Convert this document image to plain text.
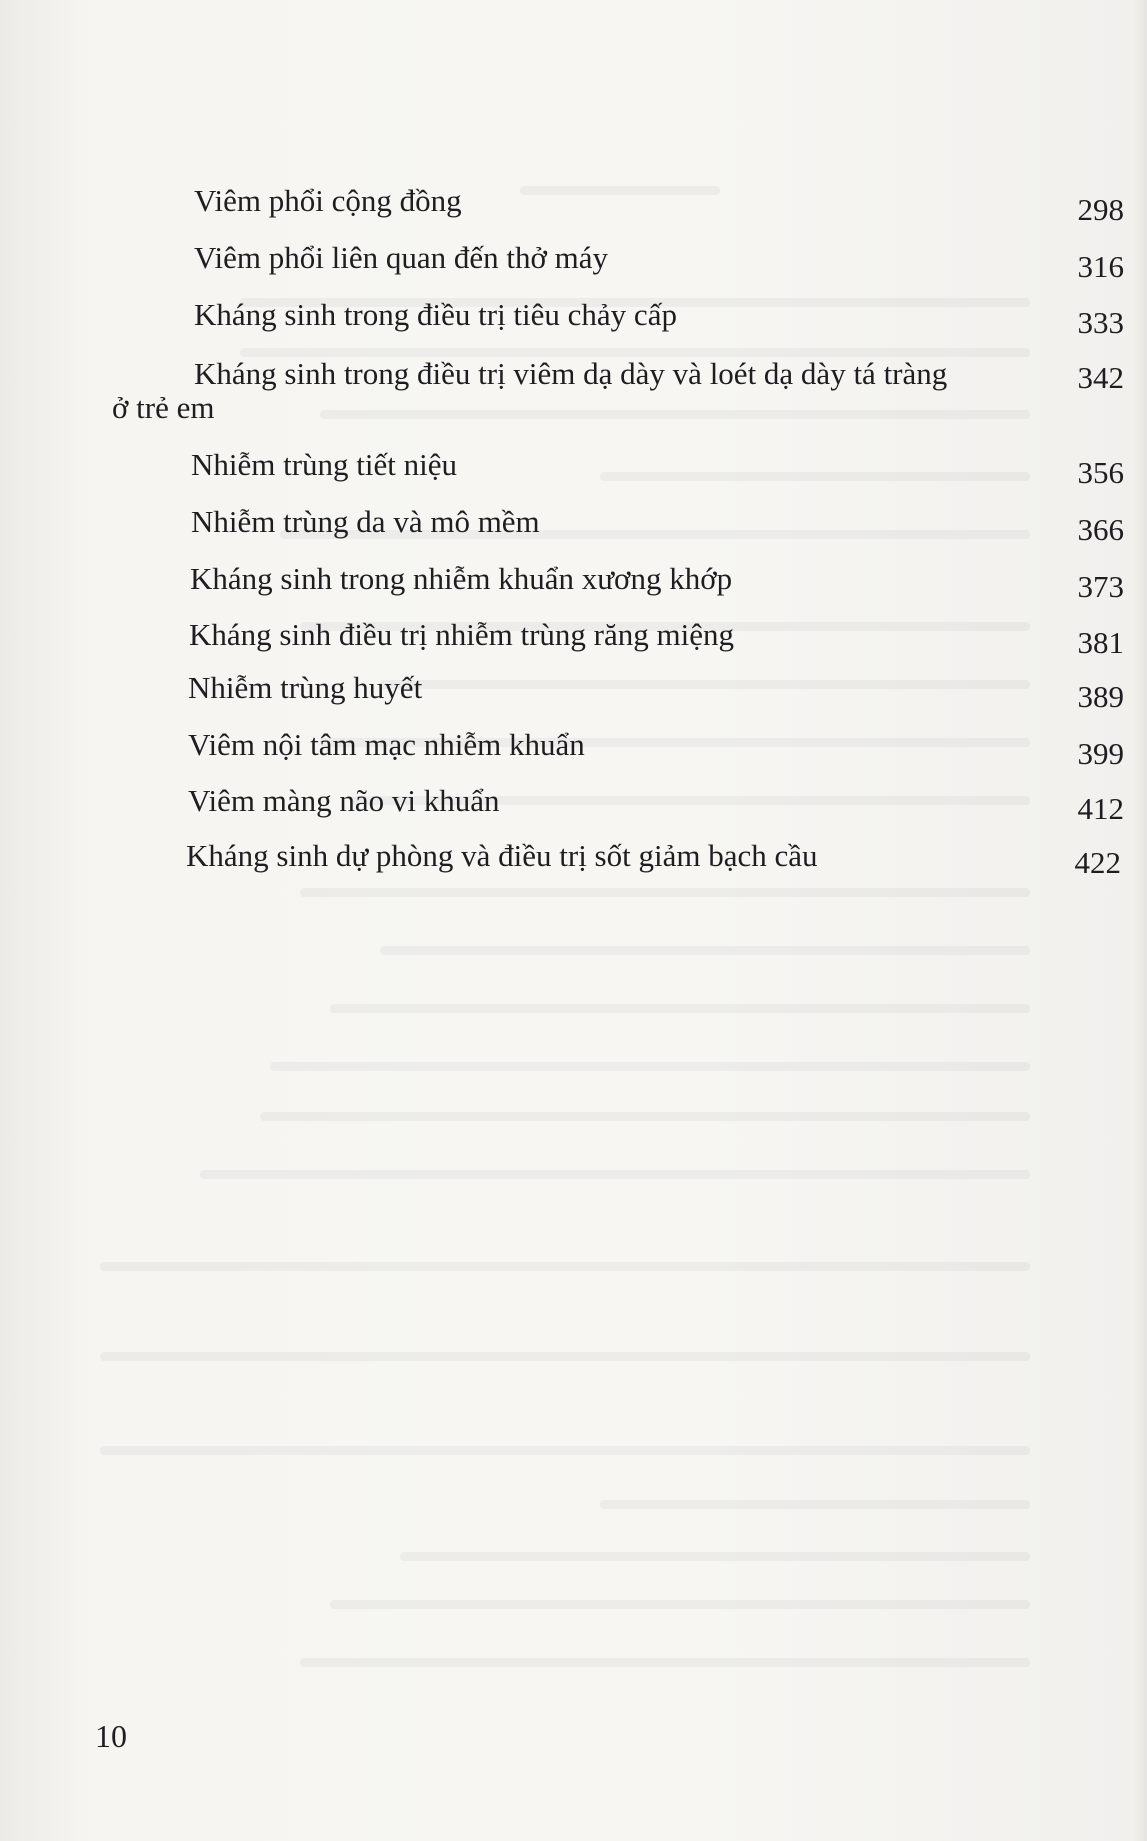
Viêm phổi cộng đồng	298
Viêm phổi liên quan đến thở máy	316
Kháng sinh trong điều trị tiêu chảy cấp	333
Kháng sinh trong điều trị viêm dạ dày và loét dạ dày tá tràng	342
ở trẻ em
Nhiễm trùng tiết niệu	356
Nhiễm trùng da và mô mềm	366
Kháng sinh trong nhiễm khuẩn xương khớp	373
Kháng sinh điều trị nhiễm trùng răng miệng	381
Nhiễm trùng huyết	389
Viêm nội tâm mạc nhiễm khuẩn	399
Viêm màng não vi khuẩn	412
Kháng sinh dự phòng và điều trị sốt giảm bạch cầu	422
10
